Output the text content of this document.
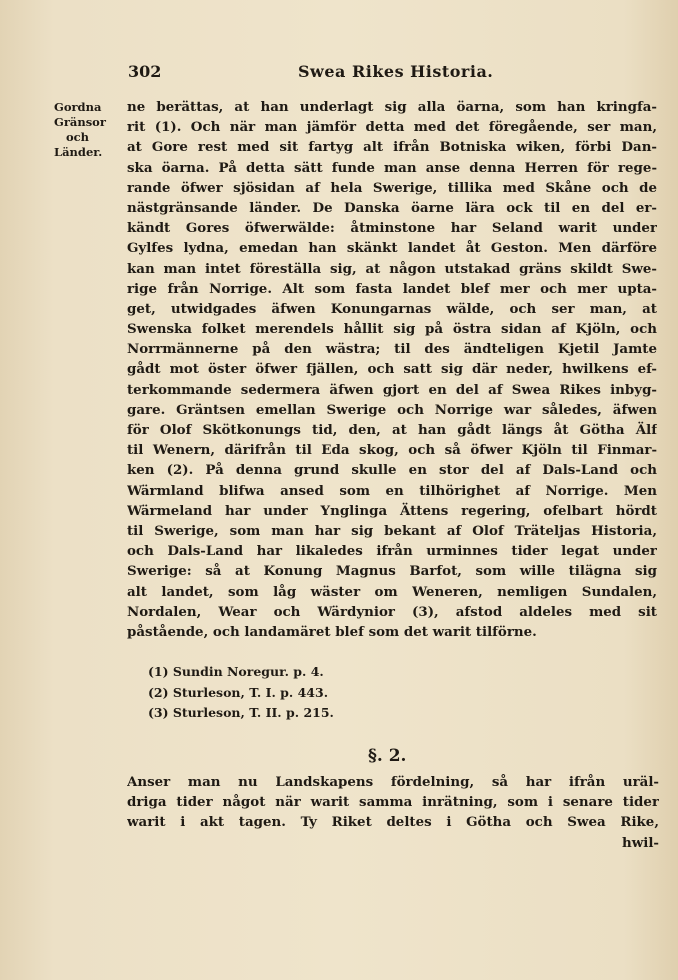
302	Swea Rikes Historia.
Gordna
Gränsor
och
Länder.
ne berättas, at han underlagt sig alla öarna, som han kringfa-
rit (1). Och när man jämför detta med det föregående, ser man,
at Gore rest med sit fartyg alt ifrån Botniska wiken, förbi Dan-
ska öarna. På detta sätt funde man anse denna Herren för rege-
rande öfwer sjösidan af hela Swerige, tillika med Skåne och de
nästgränsande länder. De Danska öarne lära ock til en del er-
kändt Gores öfwerwälde: åtminstone har Seland warit under
Gylfes lydna, emedan han skänkt landet åt Geston. Men därföre
kan man intet föreställa sig, at någon utstakad gräns skildt Swe-
rige från Norrige. Alt som fasta landet blef mer och mer upta-
get, utwidgades äfwen Konungarnas wälde, och ser man, at
Swenska folket merendels hållit sig på östra sidan af Kjöln, och
Norrmännerne på den wästra; til des ändteligen Kjetil Jamte
gådt mot öster öfwer fjällen, och satt sig där neder, hwilkens ef-
terkommande sedermera äfwen gjort en del af Swea Rikes inbyg-
gare. Gräntsen emellan Swerige och Norrige war således, äfwen
för Olof Skötkonungs tid, den, at han gådt längs åt Götha Älf
til Wenern, därifrån til Eda skog, och så öfwer Kjöln til Finmar-
ken (2). På denna grund skulle en stor del af Dals-Land och
Wärmland blifwa ansed som en tilhörighet af Norrige. Men
Wärmeland har under Ynglinga Ättens regering, ofelbart hördt
til Swerige, som man har sig bekant af Olof Träteljas Historia,
och Dals-Land har likaledes ifrån urminnes tider legat under
Swerige: så at Konung Magnus Barfot, som wille tilägna sig
alt landet, som låg wäster om Weneren, nemligen Sundalen,
Nordalen, Wear och Wärdynior (3), afstod aldeles med sit
påstående, och landamäret blef som det warit tilförne.
(1) Sundin Noregur. p. 4.
(2) Sturleson, T. I. p. 443.
(3) Sturleson, T. II. p. 215.
§. 2.
Anser man nu Landskapens fördelning, så har ifrån uräl-
driga tider något när warit samma inrätning, som i senare tider
warit i akt tagen. Ty Riket deltes i Götha och Swea Rike,
hwil-
